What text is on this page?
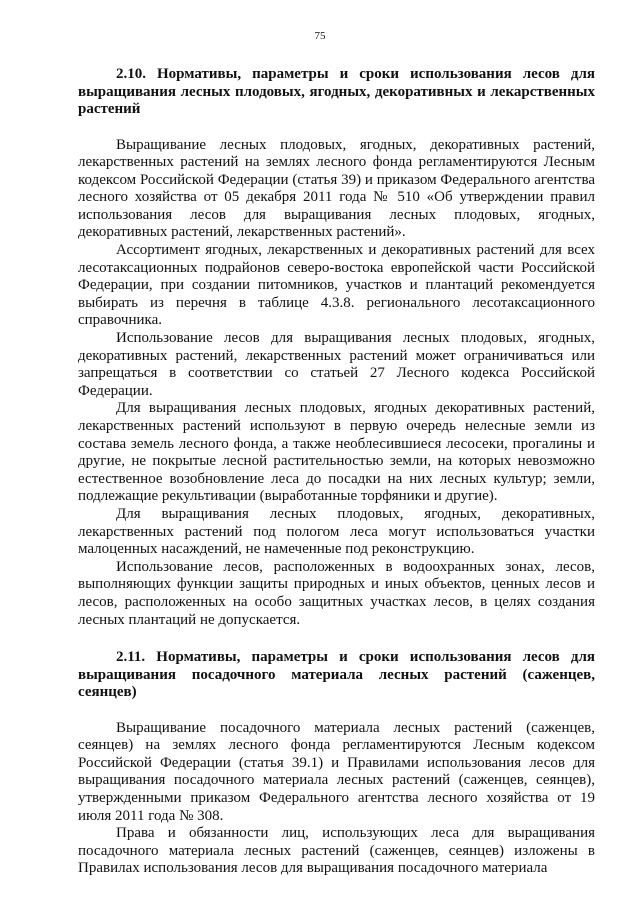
75
2.10. Нормативы, параметры и сроки использования лесов для выращивания лесных плодовых, ягодных, декоративных и лекарственных растений

Выращивание лесных плодовых, ягодных, декоративных растений, лекарственных растений на землях лесного фонда регламентируются Лесным кодексом Российской Федерации (статья 39) и приказом Федерального агентства лесного хозяйства от 05 декабря 2011 года № 510 «Об утверждении правил использования лесов для выращивания лесных плодовых, ягодных, декоративных растений, лекарственных растений».

Ассортимент ягодных, лекарственных и декоративных растений для всех лесотаксационных подрайонов северо-востока европейской части Российской Федерации, при создании питомников, участков и плантаций рекомендуется выбирать из перечня в таблице 4.3.8. регионального лесотаксационного справочника.

Использование лесов для выращивания лесных плодовых, ягодных, декоративных растений, лекарственных растений может ограничиваться или запрещаться в соответствии со статьей 27 Лесного кодекса Российской Федерации.

Для выращивания лесных плодовых, ягодных декоративных растений, лекарственных растений используют в первую очередь нелесные земли из состава земель лесного фонда, а также необлесившиеся лесосеки, прогалины и другие, не покрытые лесной растительностью земли, на которых невозможно естественное возобновление леса до посадки на них лесных культур; земли, подлежащие рекультивации (выработанные торфяники и другие).

Для выращивания лесных плодовых, ягодных, декоративных, лекарственных растений под пологом леса могут использоваться участки малоценных насаждений, не намеченные под реконструкцию.

Использование лесов, расположенных в водоохранных зонах, лесов, выполняющих функции защиты природных и иных объектов, ценных лесов и лесов, расположенных на особо защитных участках лесов, в целях создания лесных плантаций не допускается.

2.11. Нормативы, параметры и сроки использования лесов для выращивания посадочного материала лесных растений (саженцев, сеянцев)

Выращивание посадочного материала лесных растений (саженцев, сеянцев) на землях лесного фонда регламентируются Лесным кодексом Российской Федерации (статья 39.1) и Правилами использования лесов для выращивания посадочного материала лесных растений (саженцев, сеянцев), утвержденными приказом Федерального агентства лесного хозяйства от 19 июля 2011 года № 308.

Права и обязанности лиц, использующих леса для выращивания посадочного материала лесных растений (саженцев, сеянцев) изложены в Правилах использования лесов для выращивания посадочного материала
